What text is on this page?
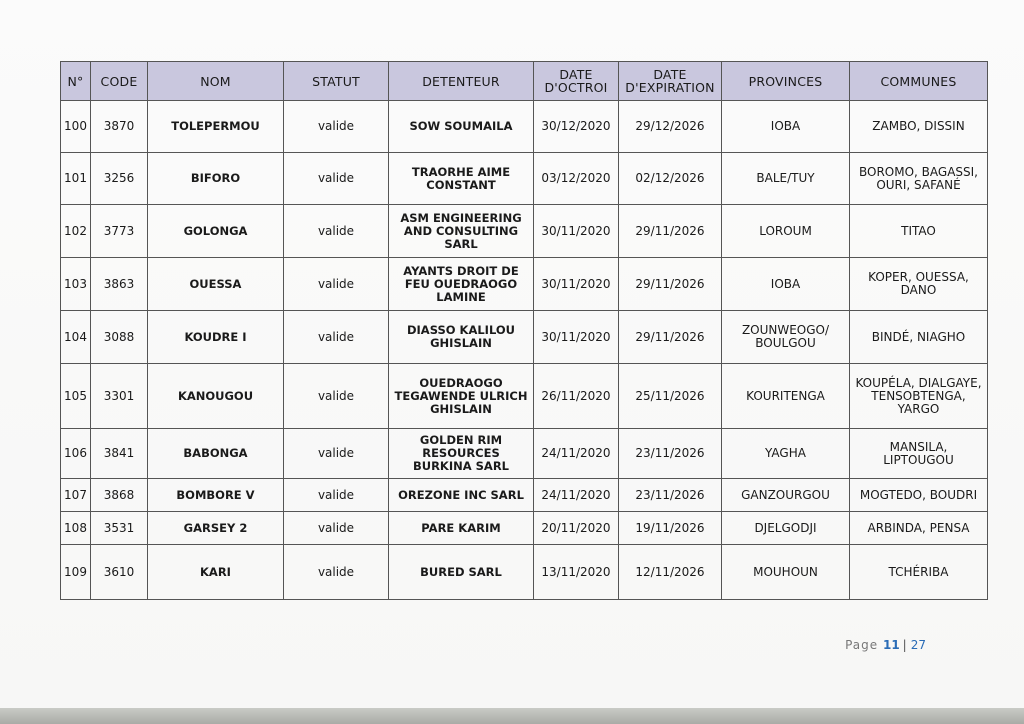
N°	CODE	NOM	STATUT	DETENTEUR	DATE D'OCTROI	DATE D'EXPIRATION	PROVINCES	COMMUNES
100	3870	TOLEPERMOU	valide	SOW SOUMAILA	30/12/2020	29/12/2026	IOBA	ZAMBO, DISSIN
101	3256	BIFORO	valide	TRAORHE AIME CONSTANT	03/12/2020	02/12/2026	BALE/TUY	BOROMO, BAGASSI, OURI, SAFANÉ
102	3773	GOLONGA	valide	ASM ENGINEERING AND CONSULTING SARL	30/11/2020	29/11/2026	LOROUM	TITAO
103	3863	OUESSA	valide	AYANTS DROIT DE FEU OUEDRAOGO LAMINE	30/11/2020	29/11/2026	IOBA	KOPER, OUESSA, DANO
104	3088	KOUDRE I	valide	DIASSO KALILOU GHISLAIN	30/11/2020	29/11/2026	ZOUNWEOGO/ BOULGOU	BINDÉ, NIAGHO
105	3301	KANOUGOU	valide	OUEDRAOGO TEGAWENDE ULRICH GHISLAIN	26/11/2020	25/11/2026	KOURITENGA	KOUPÉLA, DIALGAYE, TENSOBTENGA, YARGO
106	3841	BABONGA	valide	GOLDEN RIM RESOURCES BURKINA SARL	24/11/2020	23/11/2026	YAGHA	MANSILA, LIPTOUGOU
107	3868	BOMBORE V	valide	OREZONE INC SARL	24/11/2020	23/11/2026	GANZOURGOU	MOGTEDO, BOUDRI
108	3531	GARSEY 2	valide	PARE KARIM	20/11/2020	19/11/2026	DJELGODJI	ARBINDA, PENSA
109	3610	KARI	valide	BURED SARL	13/11/2020	12/11/2026	MOUHOUN	TCHÉRIBA
Page 11 | 27
